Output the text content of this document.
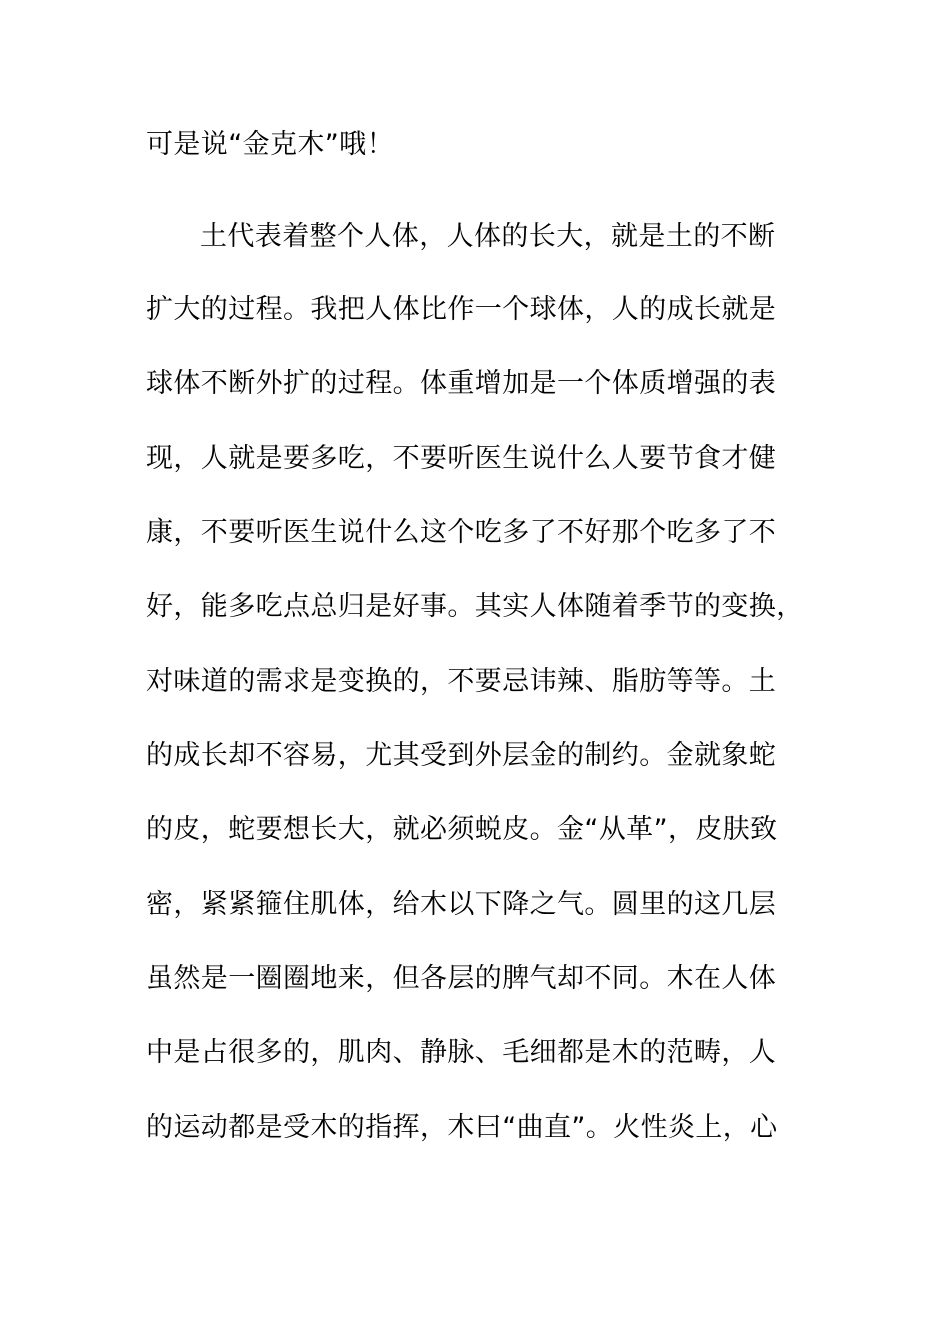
可是说“金克木”哦！
土代表着整个人体，人体的长大，就是土的不断
扩大的过程。我把人体比作一个球体，人的成长就是
球体不断外扩的过程。体重增加是一个体质增强的表
现，人就是要多吃，不要听医生说什么人要节食才健
康，不要听医生说什么这个吃多了不好那个吃多了不
好，能多吃点总归是好事。其实人体随着季节的变换，
对味道的需求是变换的，不要忌讳辣、脂肪等等。土
的成长却不容易，尤其受到外层金的制约。金就象蛇
的皮，蛇要想长大，就必须蜕皮。金“从革”，皮肤致
密，紧紧箍住肌体，给木以下降之气。圆里的这几层
虽然是一圈圈地来，但各层的脾气却不同。木在人体
中是占很多的，肌肉、静脉、毛细都是木的范畴，人
的运动都是受木的指挥，木曰“曲直”。火性炎上，心
